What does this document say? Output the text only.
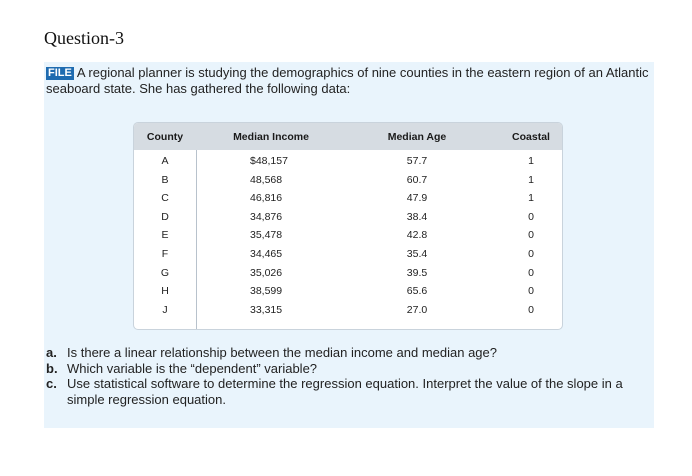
Question-3
FILE A regional planner is studying the demographics of nine counties in the eastern region of an Atlantic seaboard state. She has gathered the following data:
County	Median Income	Median Age	Coastal
A	$48,157	57.7	1
B	48,568	60.7	1
C	46,816	47.9	1
D	34,876	38.4	0
E	35,478	42.8	0
F	34,465	35.4	0
G	35,026	39.5	0
H	38,599	65.6	0
J	33,315	27.0	0
a. Is there a linear relationship between the median income and median age?
b. Which variable is the “dependent” variable?
c. Use statistical software to determine the regression equation. Interpret the value of the slope in a simple regression equation.
